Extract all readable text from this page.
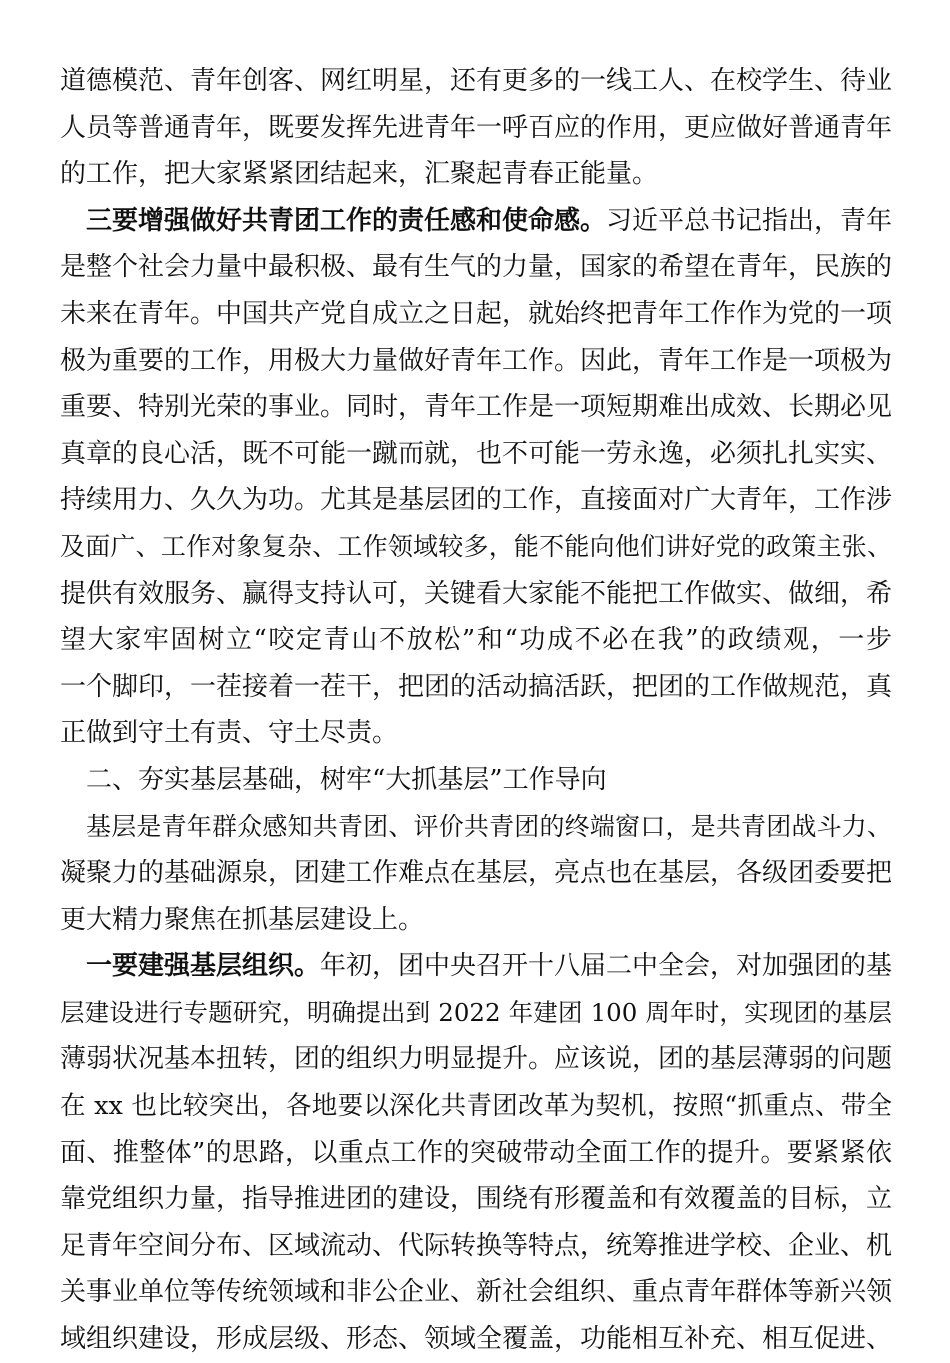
道德模范、青年创客、网红明星，还有更多的一线工人、在校学生、待业
人员等普通青年，既要发挥先进青年一呼百应的作用，更应做好普通青年
的工作，把大家紧紧团结起来，汇聚起青春正能量。
三要增强做好共青团工作的责任感和使命感。习近平总书记指出，青年
是整个社会力量中最积极、最有生气的力量，国家的希望在青年，民族的
未来在青年。中国共产党自成立之日起，就始终把青年工作作为党的一项
极为重要的工作，用极大力量做好青年工作。因此，青年工作是一项极为
重要、特别光荣的事业。同时，青年工作是一项短期难出成效、长期必见
真章的良心活，既不可能一蹴而就，也不可能一劳永逸，必须扎扎实实、
持续用力、久久为功。尤其是基层团的工作，直接面对广大青年，工作涉
及面广、工作对象复杂、工作领域较多，能不能向他们讲好党的政策主张、
提供有效服务、赢得支持认可，关键看大家能不能把工作做实、做细，希
望大家牢固树立“咬定青山不放松”和“功成不必在我”的政绩观，一步
一个脚印，一茬接着一茬干，把团的活动搞活跃，把团的工作做规范，真
正做到守土有责、守土尽责。
二、夯实基层基础，树牢“大抓基层”工作导向
基层是青年群众感知共青团、评价共青团的终端窗口，是共青团战斗力、
凝聚力的基础源泉，团建工作难点在基层，亮点也在基层，各级团委要把
更大精力聚焦在抓基层建设上。
一要建强基层组织。年初，团中央召开十八届二中全会，对加强团的基
层建设进行专题研究，明确提出到 2022 年建团 100 周年时，实现团的基层
薄弱状况基本扭转，团的组织力明显提升。应该说，团的基层薄弱的问题
在 xx 也比较突出，各地要以深化共青团改革为契机，按照“抓重点、带全
面、推整体”的思路，以重点工作的突破带动全面工作的提升。要紧紧依
靠党组织力量，指导推进团的建设，围绕有形覆盖和有效覆盖的目标，立
足青年空间分布、区域流动、代际转换等特点，统筹推进学校、企业、机
关事业单位等传统领域和非公企业、新社会组织、重点青年群体等新兴领
域组织建设，形成层级、形态、领域全覆盖，功能相互补充、相互促进、
